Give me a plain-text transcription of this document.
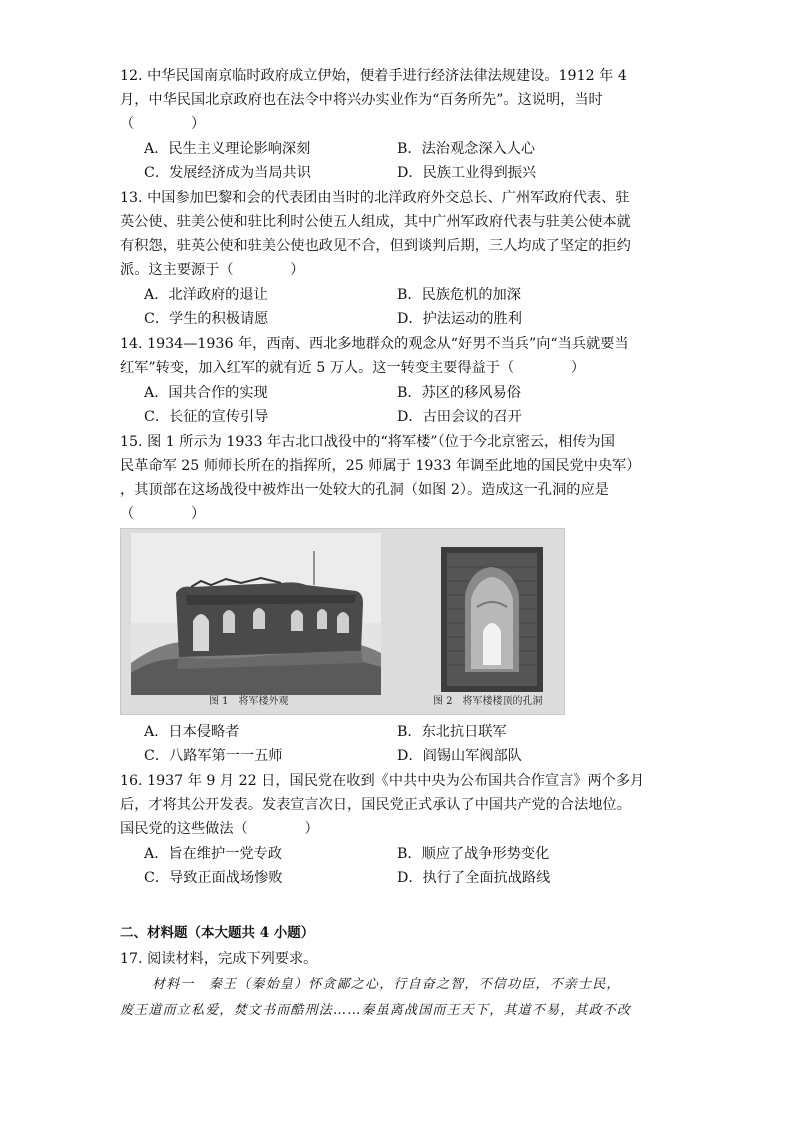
12. 中华民国南京临时政府成立伊始，便着手进行经济法律法规建设。1912 年 4
月，中华民国北京政府也在法令中将兴办实业作为“百务所先”。这说明，当时
（　　　　）
A．民生主义理论影响深刻	B．法治观念深入人心
C．发展经济成为当局共识	D．民族工业得到振兴
13. 中国参加巴黎和会的代表团由当时的北洋政府外交总长、广州军政府代表、驻
英公使、驻美公使和驻比利时公使五人组成，其中广州军政府代表与驻美公使本就
有积怨，驻英公使和驻美公使也政见不合，但到谈判后期，三人均成了坚定的拒约
派。这主要源于（　　　　）
A．北洋政府的退让	B．民族危机的加深
C．学生的积极请愿	D．护法运动的胜利
14. 1934—1936 年，西南、西北多地群众的观念从“好男不当兵”向“当兵就要当
红军”转变，加入红军的就有近 5 万人。这一转变主要得益于（　　　　）
A．国共合作的实现	B．苏区的移风易俗
C．长征的宣传引导	D．古田会议的召开
15. 图 1 所示为 1933 年古北口战役中的“将军楼”（位于今北京密云，相传为国
民革命军 25 师师长所在的指挥所，25 师属于 1933 年调至此地的国民党中央军）
，其顶部在这场战役中被炸出一处较大的孔洞（如图 2）。造成这一孔洞的应是
（　　　　）
图 1　将军楼外观	图 2　将军楼楼顶的孔洞
A．日本侵略者	B．东北抗日联军
C．八路军第一一五师	D．阎锡山军阀部队
16. 1937 年 9 月 22 日，国民党在收到《中共中央为公布国共合作宣言》两个多月
后，才将其公开发表。发表宣言次日，国民党正式承认了中国共产党的合法地位。
国民党的这些做法（　　　　）
A．旨在维护一党专政	B．顺应了战争形势变化
C．导致正面战场惨败	D．执行了全面抗战路线
二、材料题（本大题共 4 小题）
17. 阅读材料，完成下列要求。
材料一　秦王（秦始皇）怀贪鄙之心，行自奋之智，不信功臣，不亲士民，
废王道而立私爱，焚文书而酷刑法……秦虽离战国而王天下，其道不易，其政不改
